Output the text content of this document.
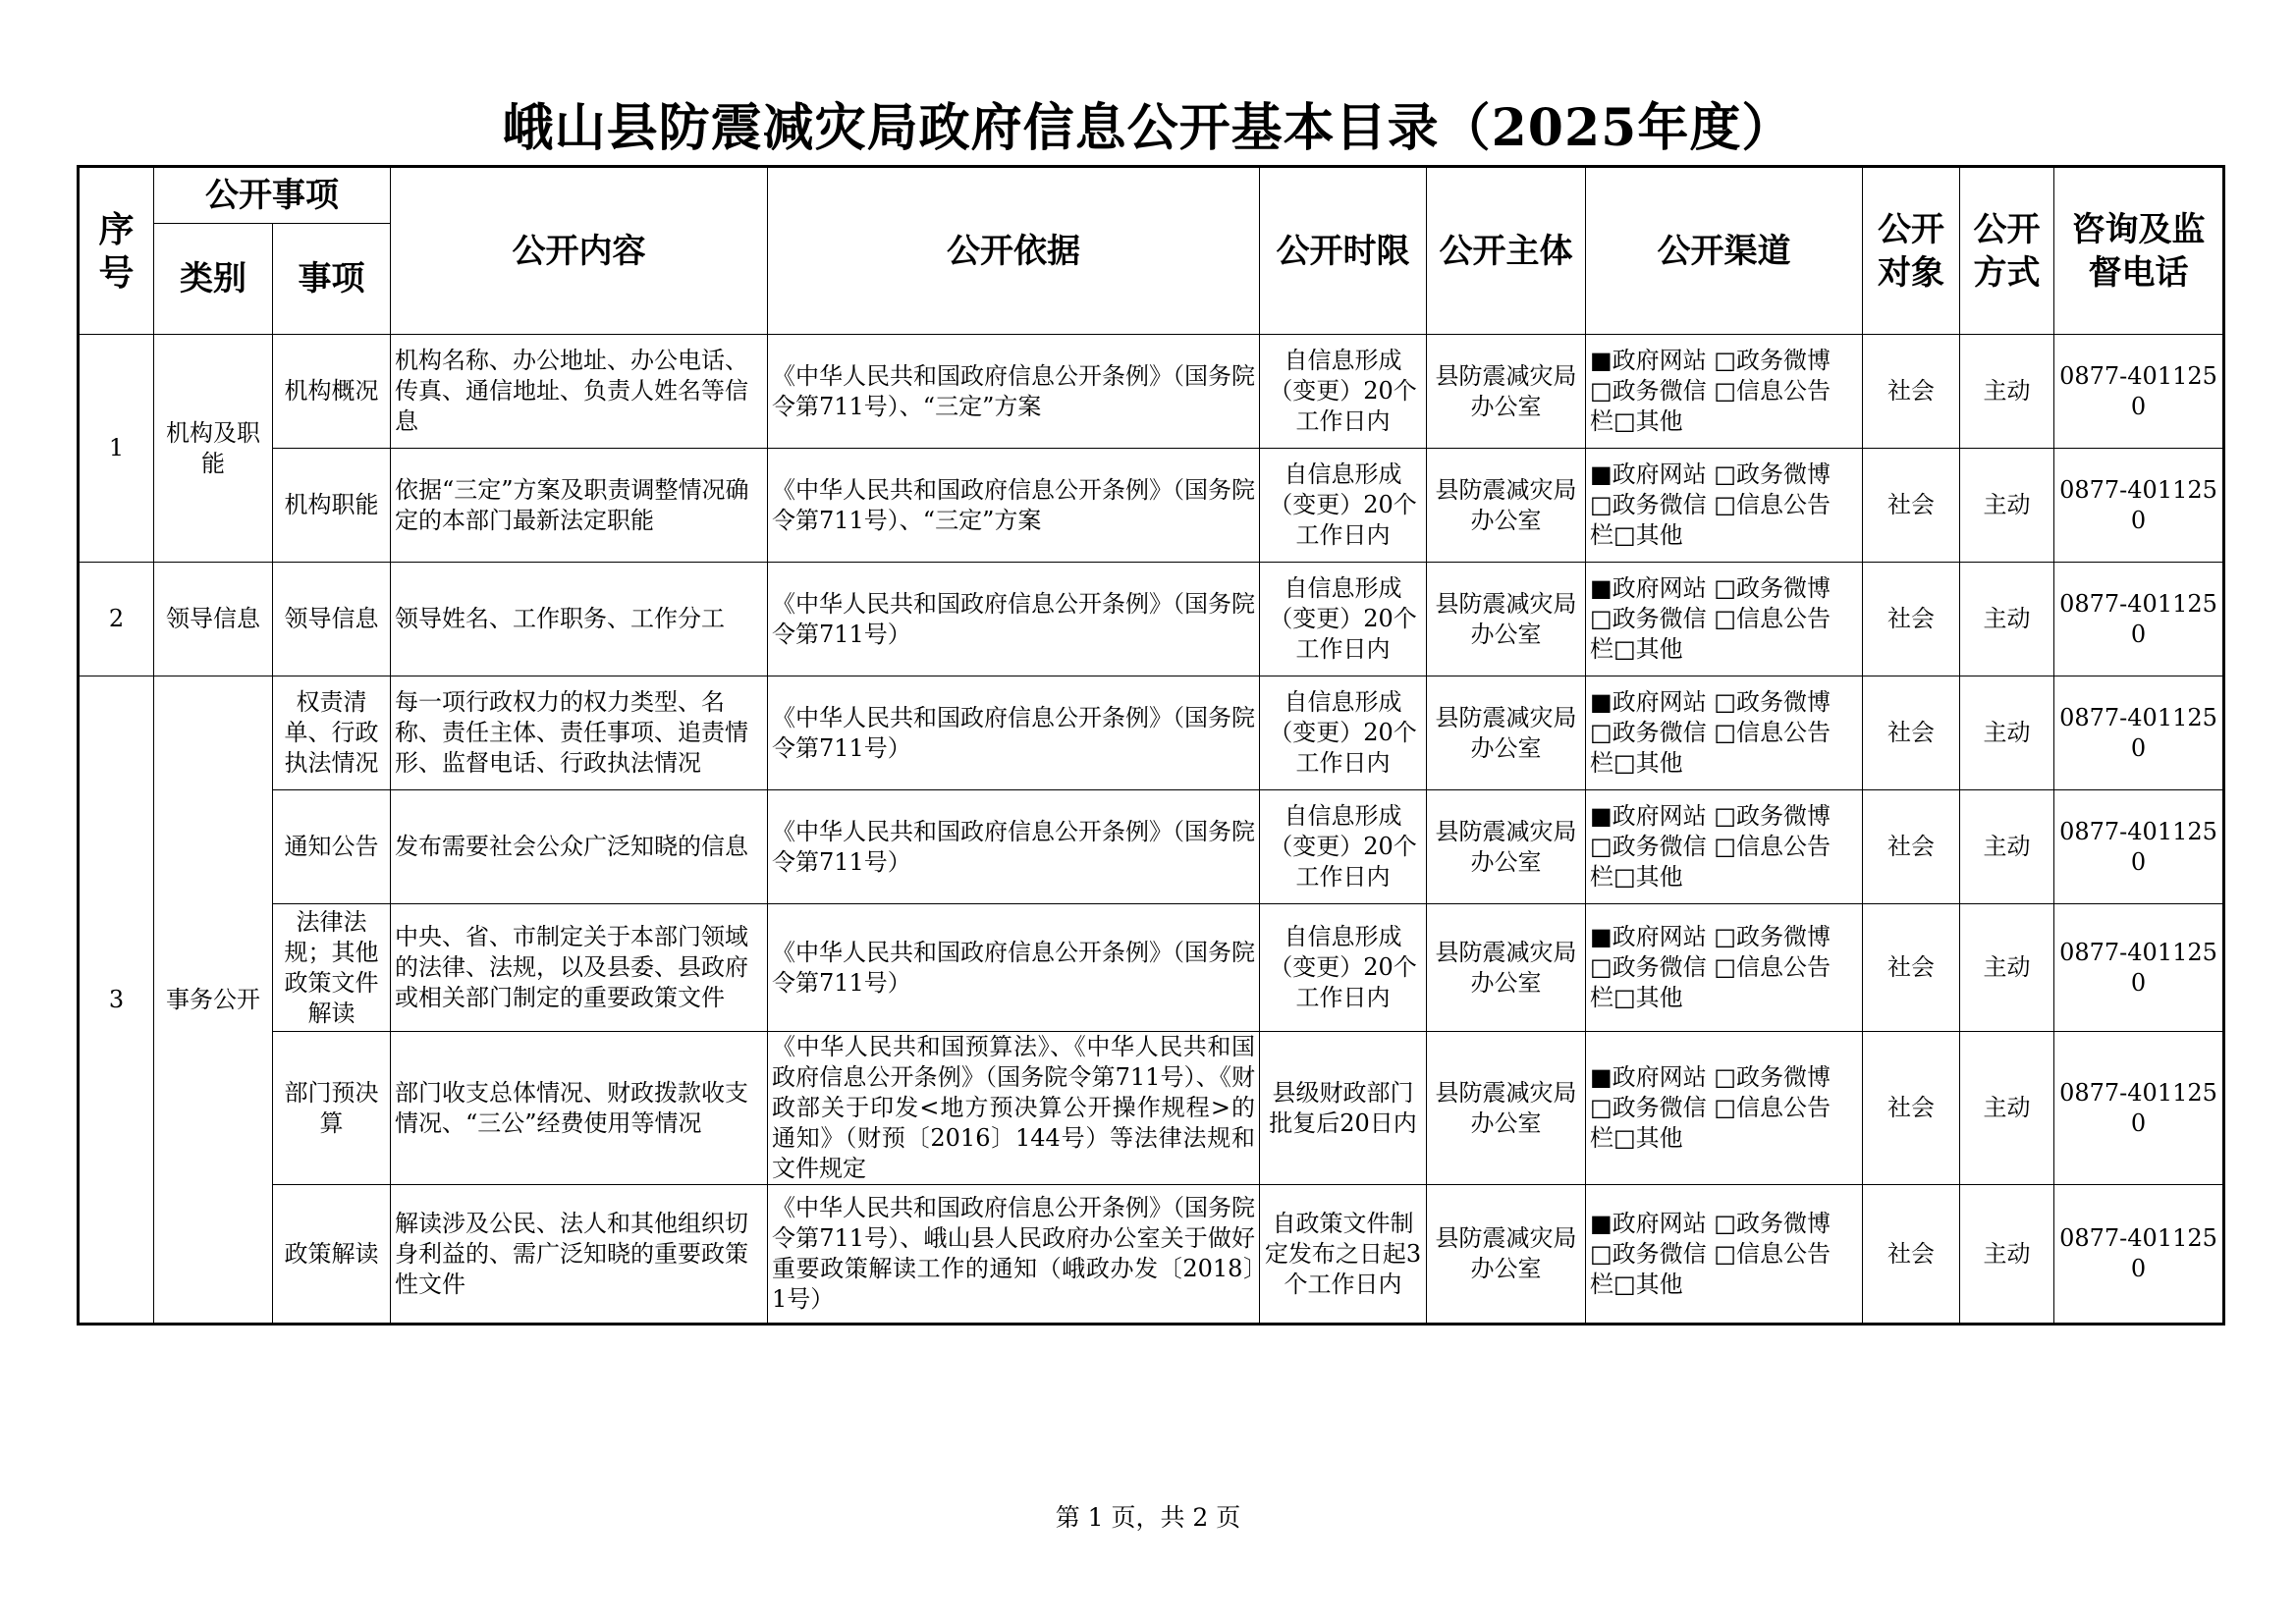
峨山县防震减灾局政府信息公开基本目录（2025年度）
序号	公开事项		公开内容	公开依据	公开时限	公开主体	公开渠道	公开对象	公开方式	咨询及监督电话
	类别	事项								
1	机构及职能	机构概况	机构名称、办公地址、办公电话、传真、通信地址、负责人姓名等信息	《中华人民共和国政府信息公开条例》（国务院令第711号）、“三定”方案	自信息形成（变更）20个工作日内	县防震减灾局办公室	■政府网站 □政务微博
□政务微信 □信息公告
栏□其他	社会	主动	0877-4011250
		机构职能	依据“三定”方案及职责调整情况确定的本部门最新法定职能	《中华人民共和国政府信息公开条例》（国务院令第711号）、“三定”方案	自信息形成（变更）20个工作日内	县防震减灾局办公室	■政府网站 □政务微博
□政务微信 □信息公告
栏□其他	社会	主动	0877-4011250
2	领导信息	领导信息	领导姓名、工作职务、工作分工	《中华人民共和国政府信息公开条例》（国务院令第711号）	自信息形成（变更）20个工作日内	县防震减灾局办公室	■政府网站 □政务微博
□政务微信 □信息公告
栏□其他	社会	主动	0877-4011250
3	事务公开	权责清单、行政执法情况	每一项行政权力的权力类型、名称、责任主体、责任事项、追责情形、监督电话、行政执法情况	《中华人民共和国政府信息公开条例》（国务院令第711号）	自信息形成（变更）20个工作日内	县防震减灾局办公室	■政府网站 □政务微博
□政务微信 □信息公告
栏□其他	社会	主动	0877-4011250
		通知公告	发布需要社会公众广泛知晓的信息	《中华人民共和国政府信息公开条例》（国务院令第711号）	自信息形成（变更）20个工作日内	县防震减灾局办公室	■政府网站 □政务微博
□政务微信 □信息公告
栏□其他	社会	主动	0877-4011250
		法律法规；其他政策文件解读	中央、省、市制定关于本部门领域的法律、法规，以及县委、县政府或相关部门制定的重要政策文件	《中华人民共和国政府信息公开条例》（国务院令第711号）	自信息形成（变更）20个工作日内	县防震减灾局办公室	■政府网站 □政务微博
□政务微信 □信息公告
栏□其他	社会	主动	0877-4011250
		部门预决算	部门收支总体情况、财政拨款收支情况、“三公”经费使用等情况	《中华人民共和国预算法》、《中华人民共和国政府信息公开条例》（国务院令第711号）、《财政部关于印发<地方预决算公开操作规程>的通知》（财预〔2016〕144号）等法律法规和文件规定	县级财政部门批复后20日内	县防震减灾局办公室	■政府网站 □政务微博
□政务微信 □信息公告
栏□其他	社会	主动	0877-4011250
		政策解读	解读涉及公民、法人和其他组织切身利益的、需广泛知晓的重要政策性文件	《中华人民共和国政府信息公开条例》（国务院令第711号）、峨山县人民政府办公室关于做好重要政策解读工作的通知（峨政办发〔2018〕1号）	自政策文件制定发布之日起3个工作日内	县防震减灾局办公室	■政府网站 □政务微博
□政务微信 □信息公告
栏□其他	社会	主动	0877-4011250
第 1 页，共 2 页
